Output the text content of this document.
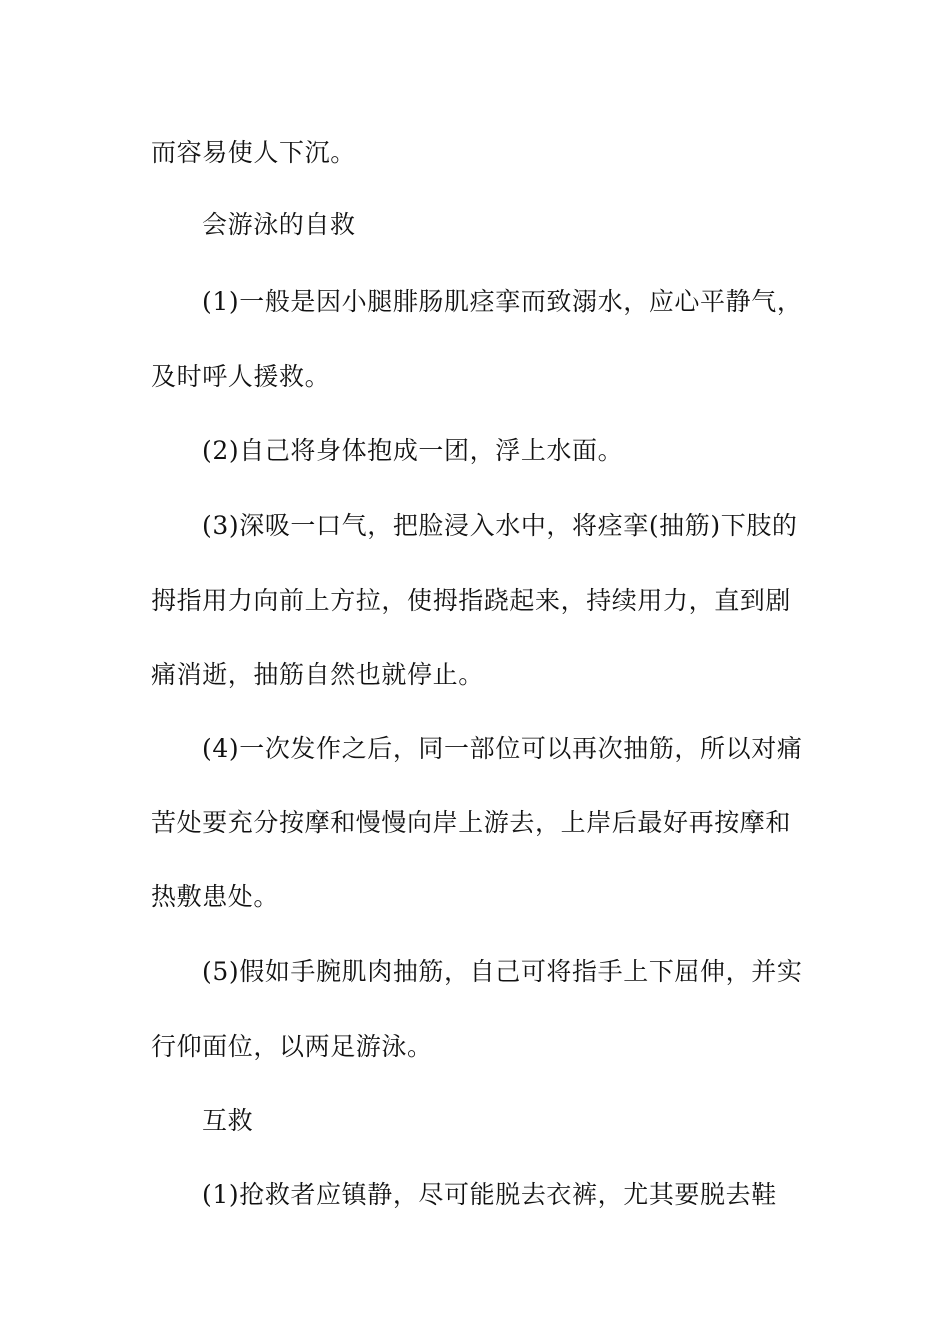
而容易使人下沉。
会游泳的自救
(1)一般是因小腿腓肠肌痉挛而致溺水，应心平静气，
及时呼人援救。
(2)自己将身体抱成一团，浮上水面。
(3)深吸一口气，把脸浸入水中，将痉挛(抽筋)下肢的
拇指用力向前上方拉，使拇指跷起来，持续用力，直到剧
痛消逝，抽筋自然也就停止。
(4)一次发作之后，同一部位可以再次抽筋，所以对痛
苦处要充分按摩和慢慢向岸上游去，上岸后最好再按摩和
热敷患处。
(5)假如手腕肌肉抽筋，自己可将指手上下屈伸，并实
行仰面位，以两足游泳。
互救
(1)抢救者应镇静，尽可能脱去衣裤，尤其要脱去鞋
